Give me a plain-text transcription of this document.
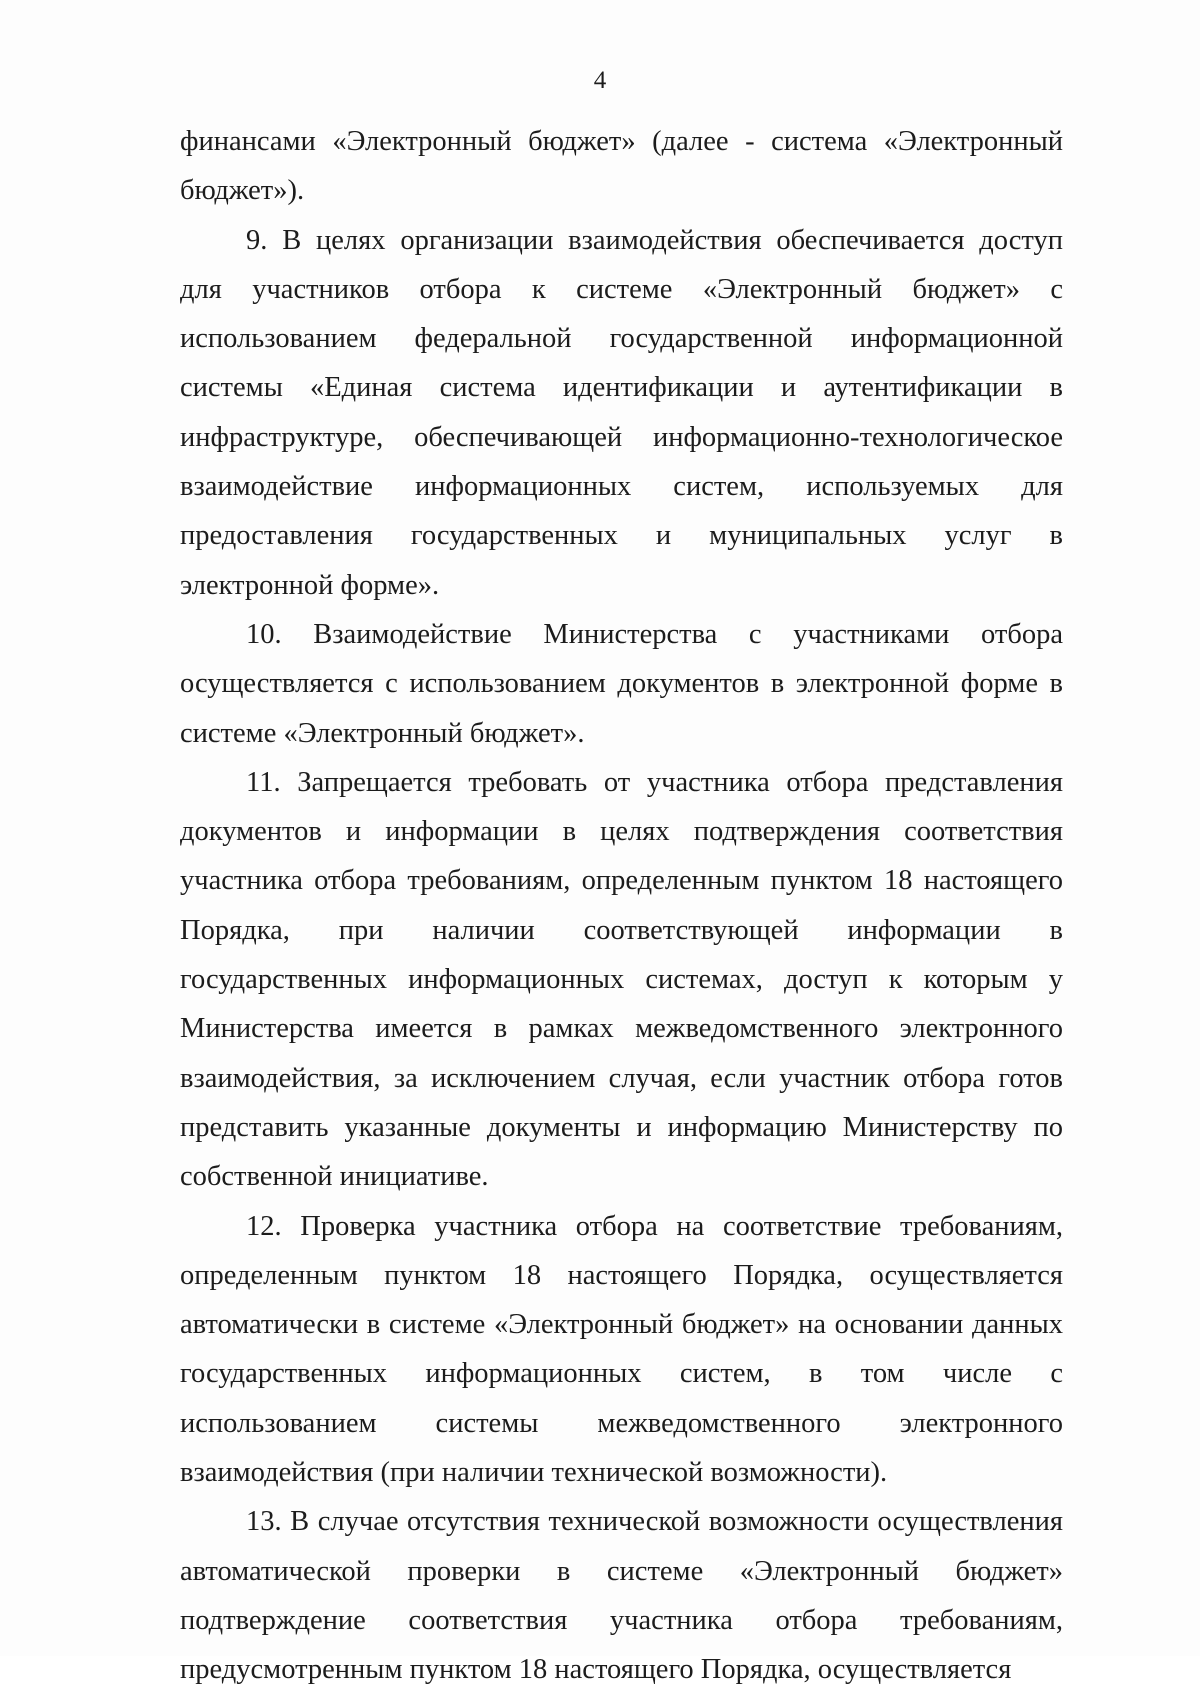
4

финансами «Электронный бюджет» (далее - система «Электронный бюджет»).

9. В целях организации взаимодействия обеспечивается доступ для участников отбора к системе «Электронный бюджет» с использованием федеральной государственной информационной системы «Единая система идентификации и аутентификации в инфраструктуре, обеспечивающей информационно-технологическое взаимодействие информационных систем, используемых для предоставления государственных и муниципальных услуг в электронной форме».

10. Взаимодействие Министерства с участниками отбора осуществляется с использованием документов в электронной форме в системе «Электронный бюджет».

11. Запрещается требовать от участника отбора представления документов и информации в целях подтверждения соответствия участника отбора требованиям, определенным пунктом 18 настоящего Порядка, при наличии соответствующей информации в государственных информационных системах, доступ к которым у Министерства имеется в рамках межведомственного электронного взаимодействия, за исключением случая, если участник отбора готов представить указанные документы и информацию Министерству по собственной инициативе.

12. Проверка участника отбора на соответствие требованиям, определенным пунктом 18 настоящего Порядка, осуществляется автоматически в системе «Электронный бюджет» на основании данных государственных информационных систем, в том числе с использованием системы межведомственного электронного взаимодействия (при наличии технической возможности).

13. В случае отсутствия технической возможности осуществления автоматической проверки в системе «Электронный бюджет» подтверждение соответствия участника отбора требованиям, предусмотренным пунктом 18 настоящего Порядка, осуществляется
